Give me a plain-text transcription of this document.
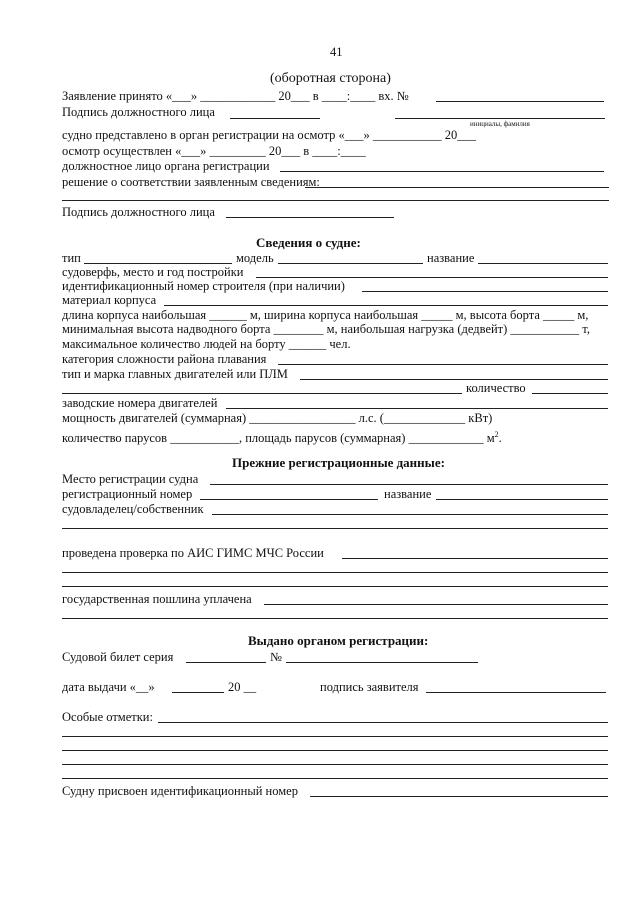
41
(оборотная сторона)
Заявление принято «___» ____________ 20___ в ____:____ вх. №
Подпись должностного лица
инициалы, фамилия
судно представлено в орган регистрации на осмотр «___» ___________ 20___
осмотр осуществлен «___» _________ 20___ в ____:____
должностное лицо органа регистрации
решение о соответствии заявленным сведениям:
Подпись должностного лица
Сведения о судне:
тип	модель	название
судоверфь, место и год постройки
идентификационный номер строителя (при наличии)
материал корпуса
длина корпуса наибольшая ______ м, ширина корпуса наибольшая _____ м, высота борта _____ м,
минимальная высота надводного борта ________ м, наибольшая нагрузка (дедвейт) ___________ т,
максимальное количество людей на борту ______ чел.
категория сложности района плавания
тип и марка главных двигателей или ПЛМ
количество
заводские номера двигателей
мощность двигателей (суммарная) _________________ л.с. (_____________ кВт)
количество парусов ___________, площадь парусов (суммарная) ____________ $м^2$.
Прежние регистрационные данные:
Место регистрации судна
регистрационный номер	название
судовладелец/собственник
проведена проверка по АИС ГИМС МЧС России
государственная пошлина уплачена
Выдано органом регистрации:
Судовой билет серия	№
дата выдачи «__»	20 __	подпись заявителя
Особые отметки:
Судну присвоен идентификационный номер
